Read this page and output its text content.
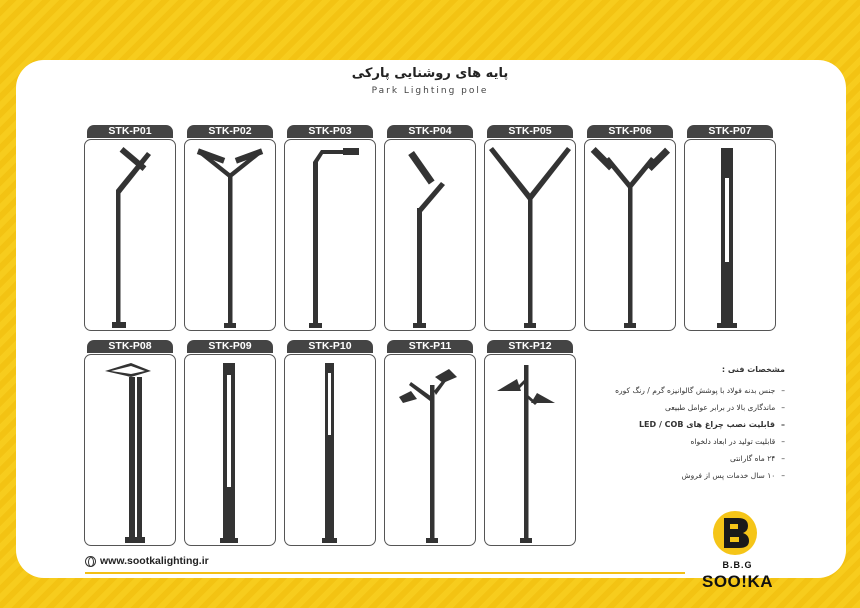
پایه های روشنایی پارکی
Park Lighting pole
STK-P01	STK-P02	STK-P03	STK-P04	STK-P05	STK-P06	STK-P07
STK-P08	STK-P09	STK-P10	STK-P11	STK-P12
مشخصات فنی :
–جنس بدنه فولاد با پوشش گالوانیزه گرم / رنگ کوره
–ماندگاری بالا در برابر عوامل طبیعی
–قابلیت نصب چراغ های LED / COB
–قابلیت تولید در ابعاد دلخواه
–۲۴ ماه گارانتی
–۱۰ سال خدمات پس از فروش
www.sootkalighting.ir	B.B.G
SOO!KA
